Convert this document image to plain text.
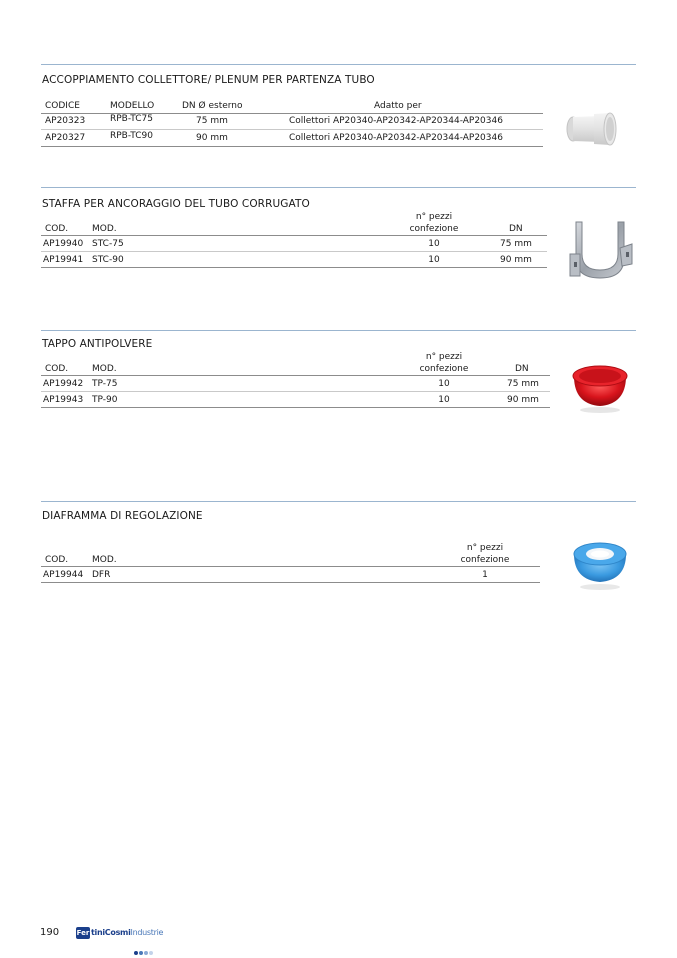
ACCOPPIAMENTO COLLETTORE/ PLENUM PER PARTENZA TUBO
CODICE	MODELLO	DN Ø esterno	Adatto per
AP20323	RPB-TC75	75 mm	Collettori AP20340-AP20342-AP20344-AP20346
AP20327	RPB-TC90	90 mm	Collettori AP20340-AP20342-AP20344-AP20346
STAFFA PER ANCORAGGIO DEL TUBO CORRUGATO
COD.	MOD.
n° pezzi
confezione	DN
AP19940 STC-75	10	75 mm
AP19941 STC-90	10	90 mm
TAPPO ANTIPOLVERE
COD.	MOD.
n° pezzi
confezione	DN
AP19942 TP-75	10	75 mm
AP19943 TP-90	10	90 mm
DIAFRAMMA DI REGOLAZIONE
COD.	MOD.
n° pezzi
confezione
AP19944 DFR	1
190	Fer tiniCosmiIndustrie
